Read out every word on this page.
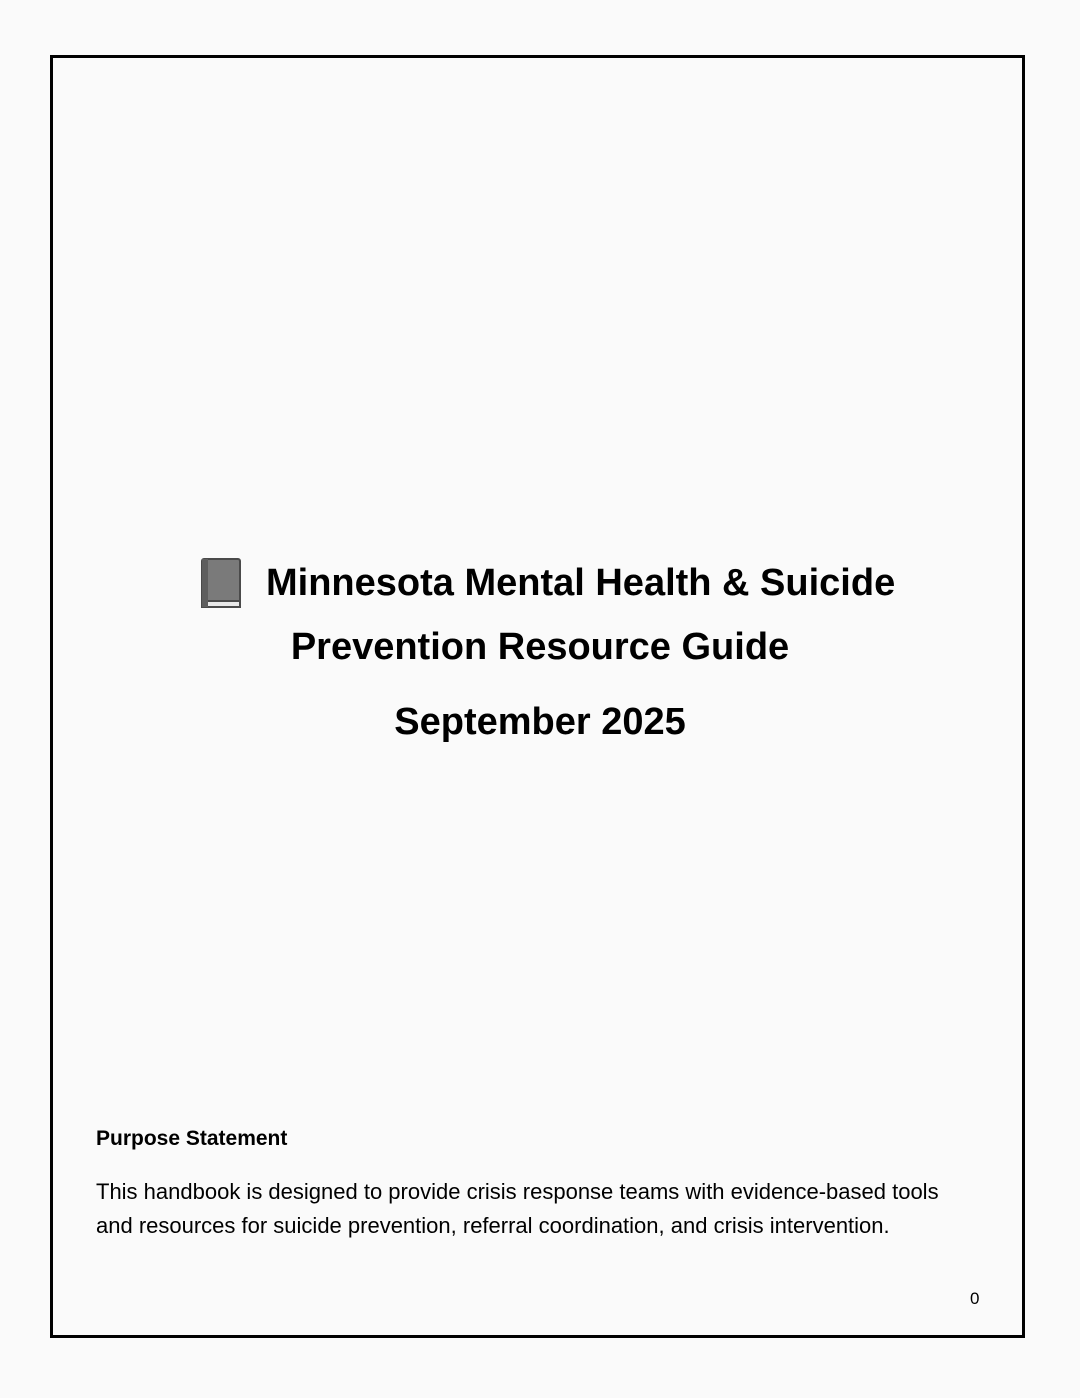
Minnesota Mental Health & Suicide
Prevention Resource Guide
September 2025
Purpose Statement
This handbook is designed to provide crisis response teams with evidence-based tools and resources for suicide prevention, referral coordination, and crisis intervention.
0
